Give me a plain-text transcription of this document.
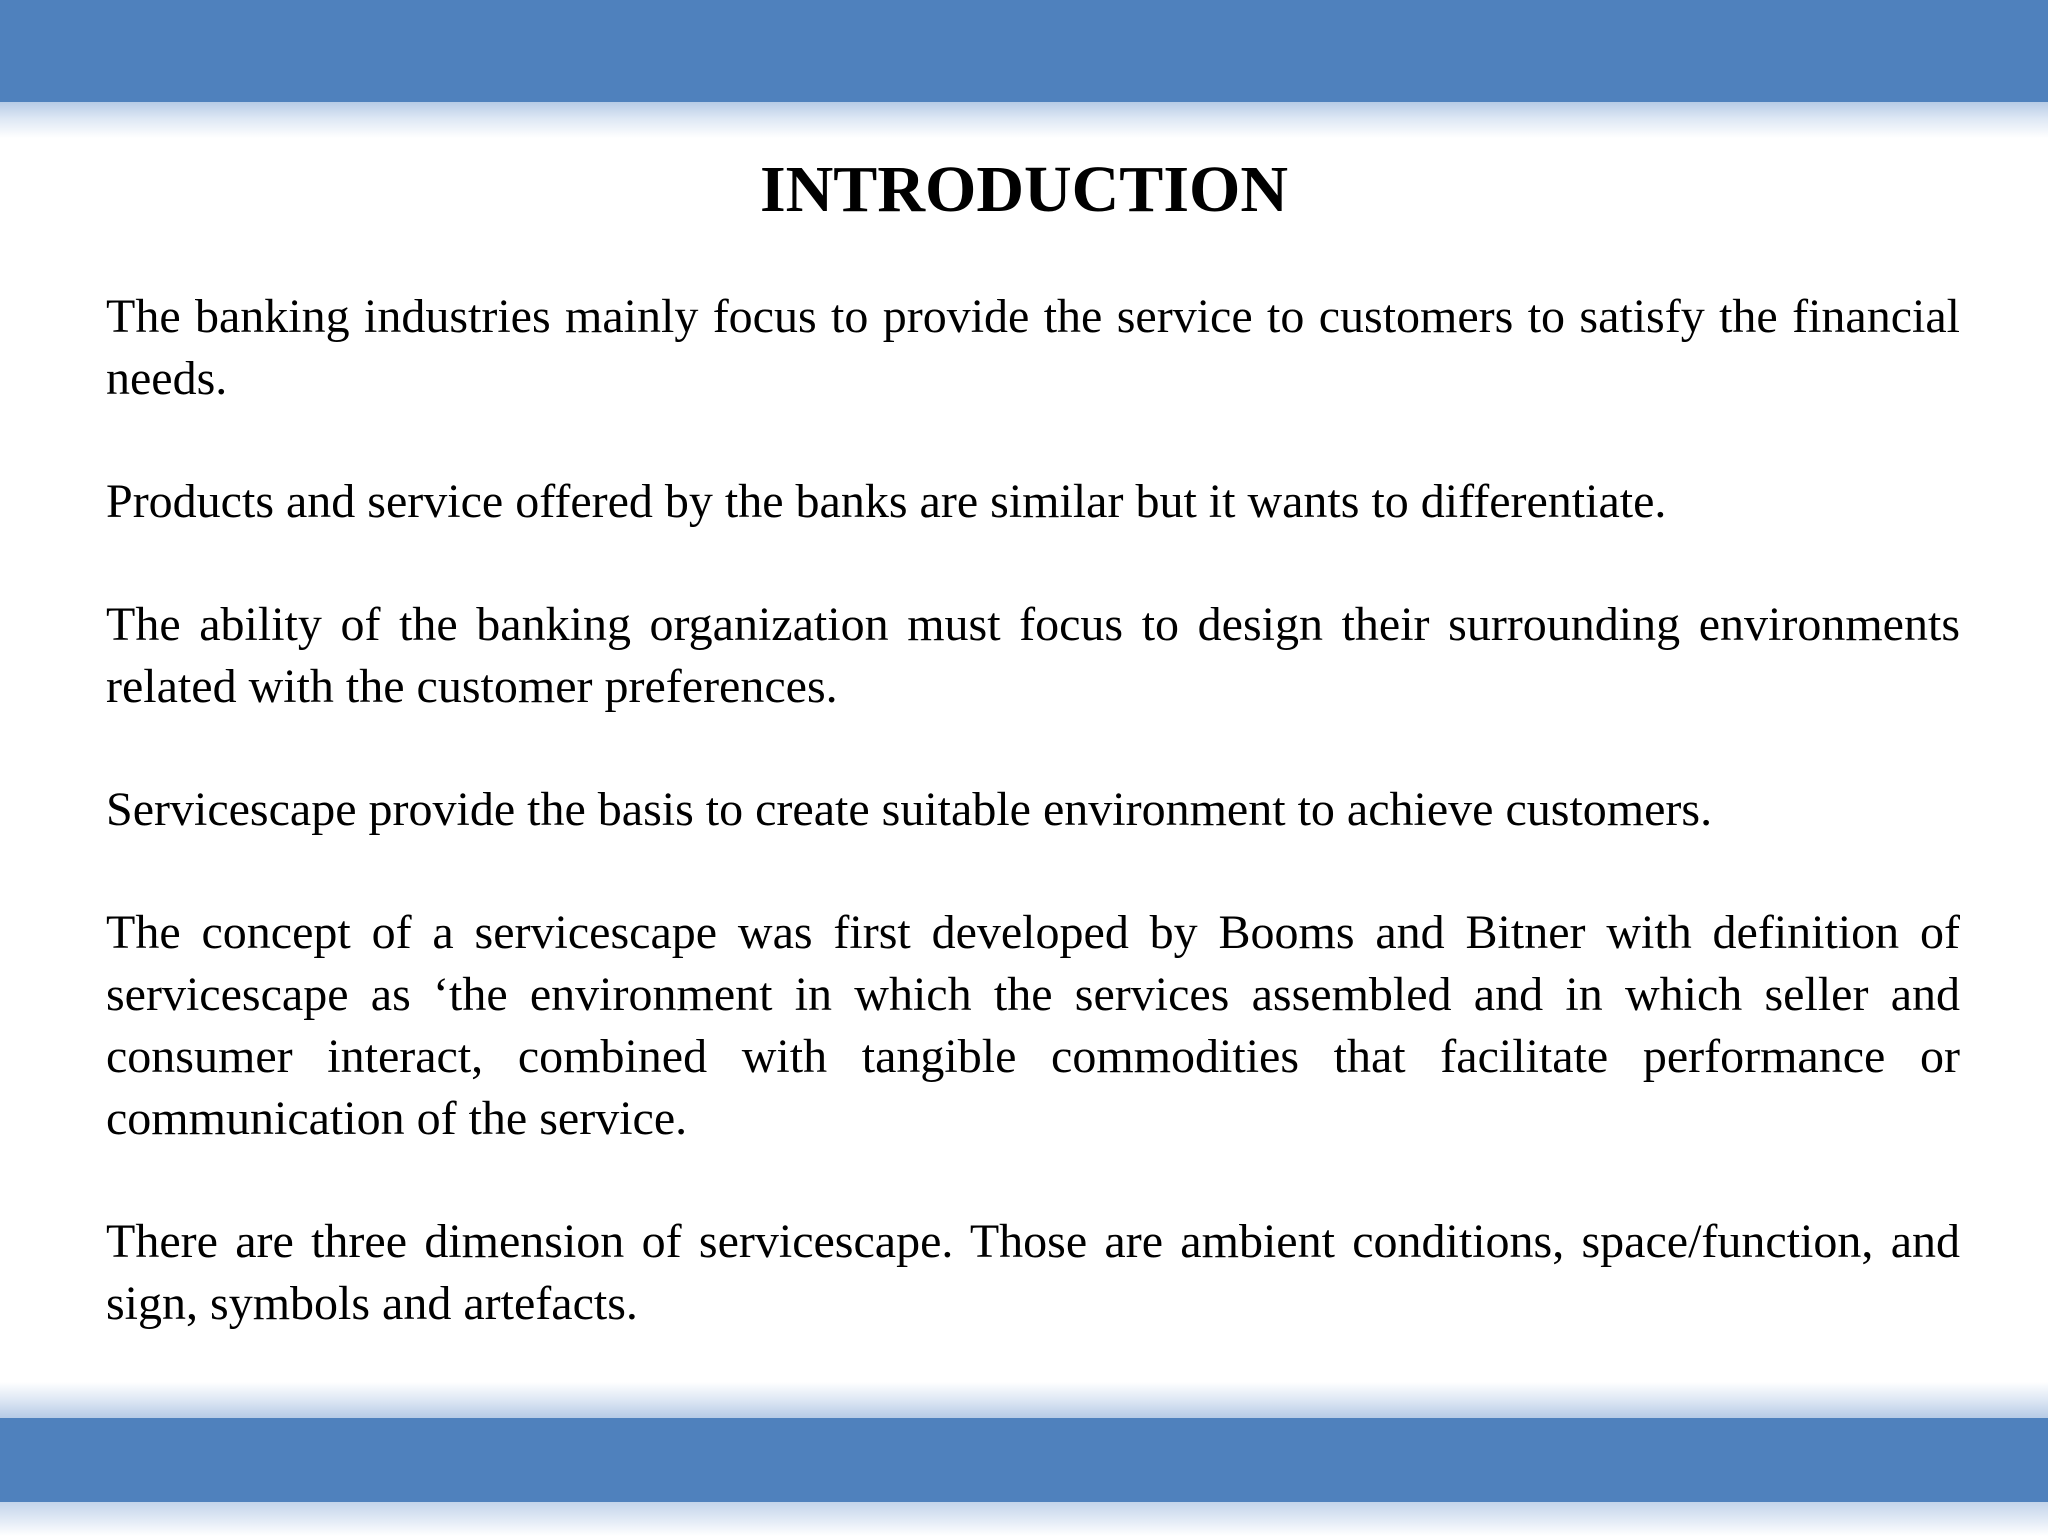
INTRODUCTION

The banking industries mainly focus to provide the service to customers to satisfy the financial needs.

Products and service offered by the banks are similar but it wants to differentiate.

The ability of the banking organization must focus to design their surrounding environments related with the customer preferences.

Servicescape provide the basis to create suitable environment to achieve customers.

The concept of a servicescape was first developed by Booms and Bitner with definition of servicescape as ‘the environment in which the services assembled and in which seller and consumer interact, combined with tangible commodities that facilitate performance or communication of the service.

There are three dimension of servicescape. Those are ambient conditions, space/function, and sign, symbols and artefacts.
